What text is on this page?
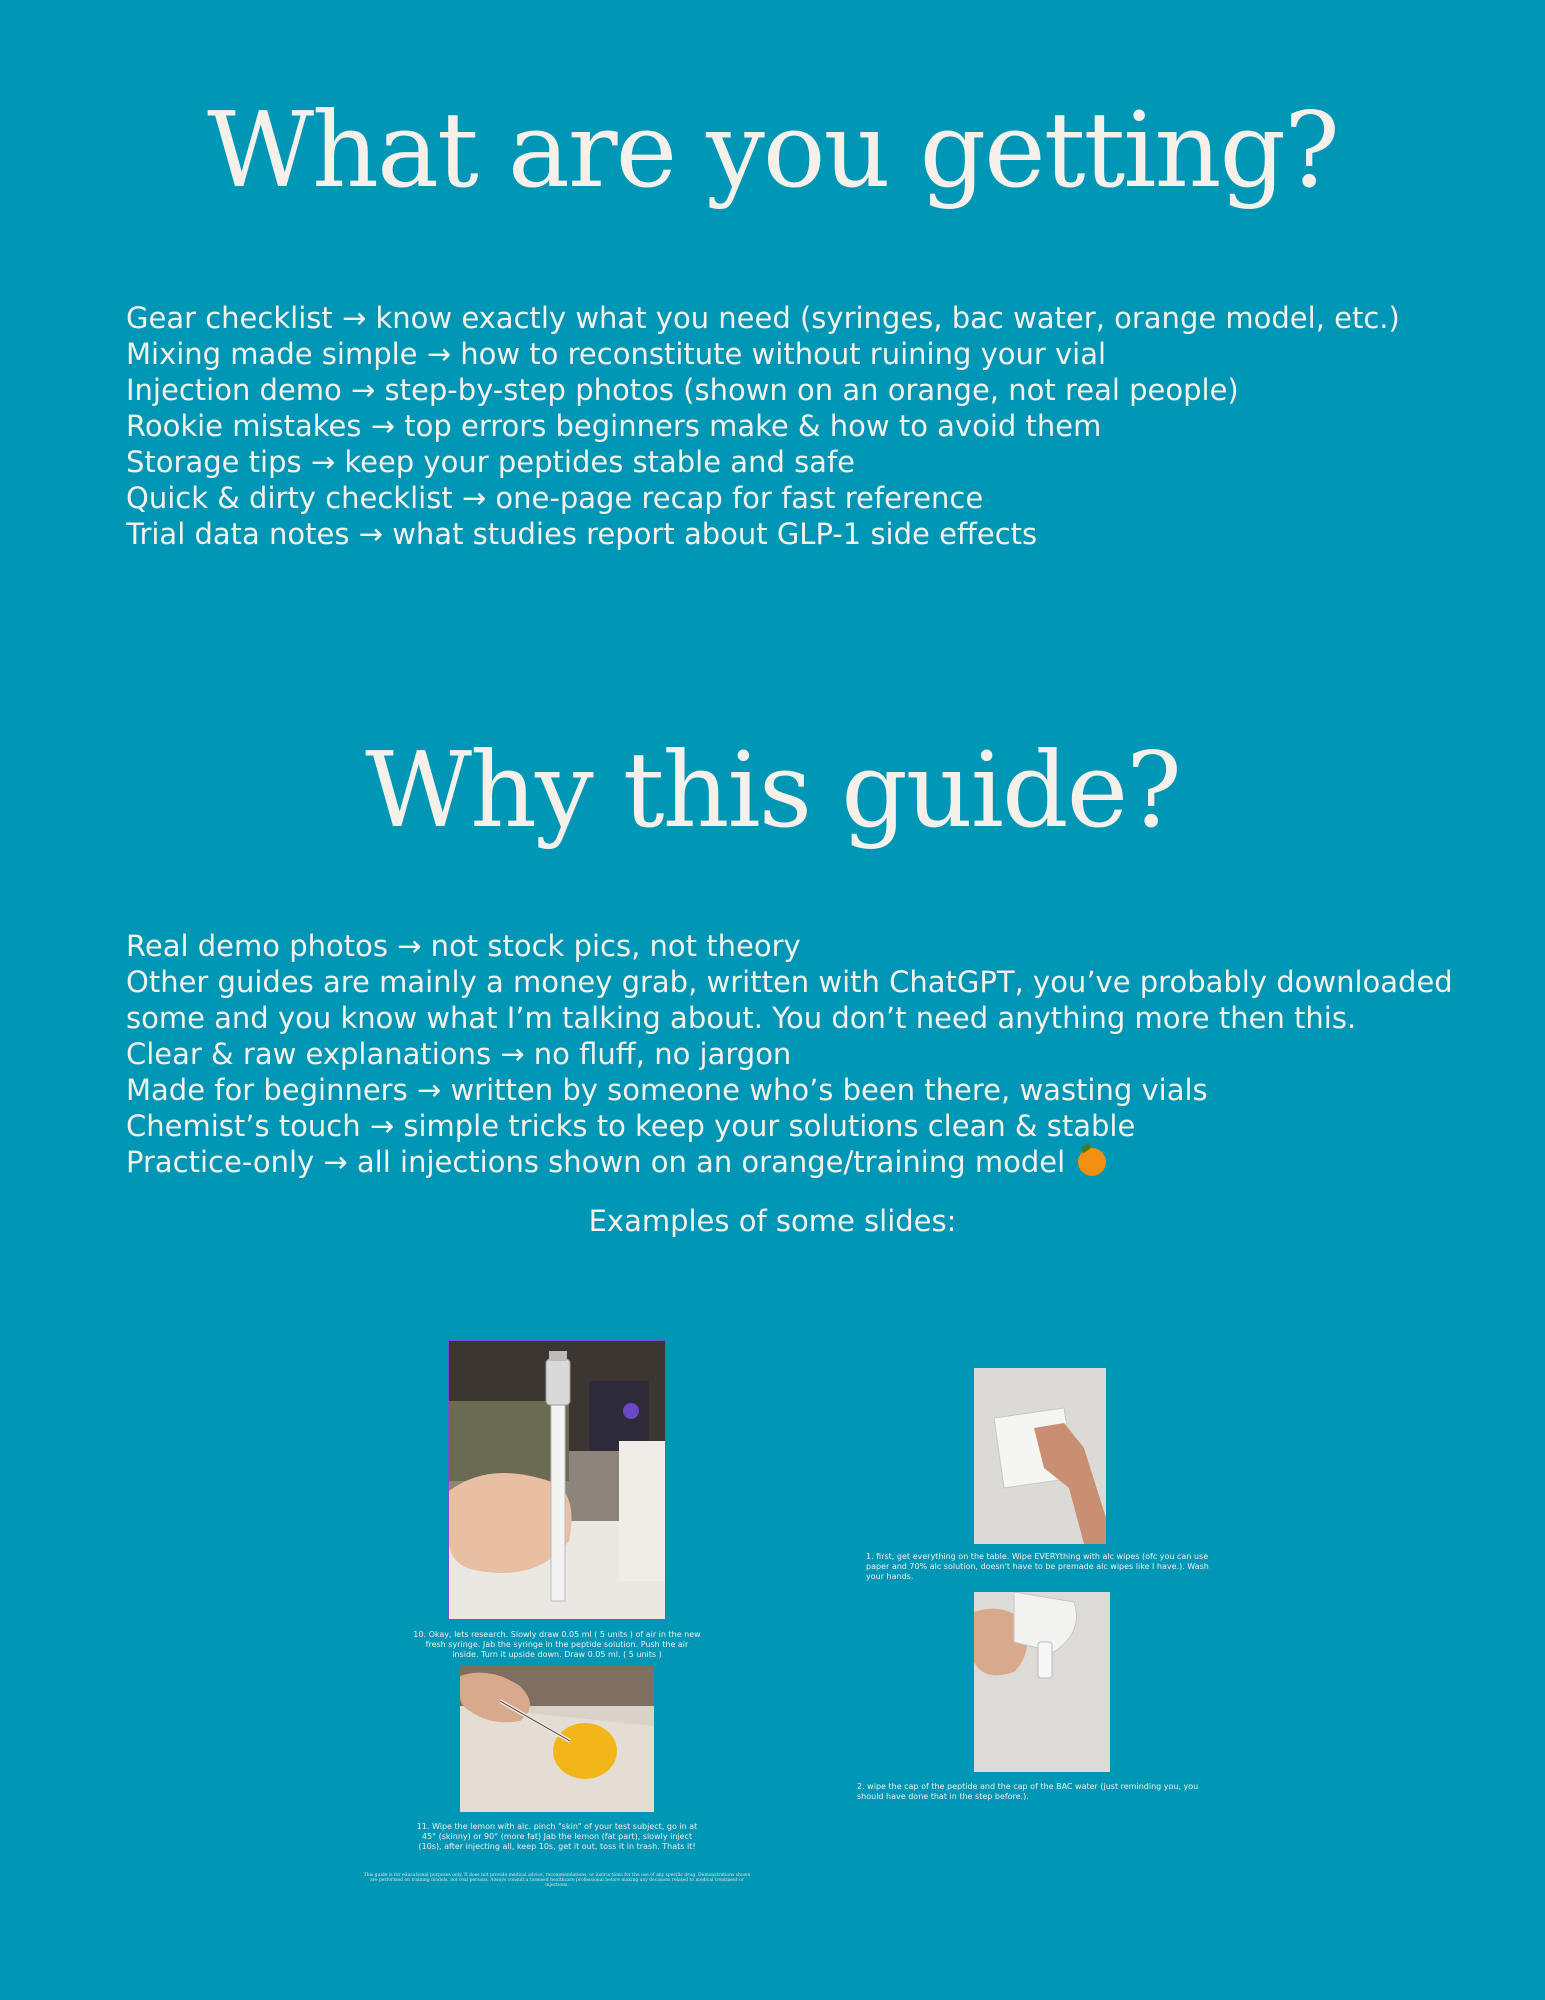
What are you getting?
Gear checklist → know exactly what you need (syringes, bac water, orange model, etc.)
Mixing made simple → how to reconstitute without ruining your vial
Injection demo → step-by-step photos (shown on an orange, not real people)
Rookie mistakes → top errors beginners make & how to avoid them
Storage tips → keep your peptides stable and safe
Quick & dirty checklist → one-page recap for fast reference
Trial data notes → what studies report about GLP-1 side effects
Why this guide?
Real demo photos → not stock pics, not theory
Other guides are mainly a money grab, written with ChatGPT, you’ve probably downloaded some and you know what I’m talking about. You don’t need anything more then this.
Clear & raw explanations → no fluff, no jargon
Made for beginners → written by someone who’s been there, wasting vials
Chemist’s touch → simple tricks to keep your solutions clean & stable
Practice-only → all injections shown on an orange/training model
Examples of some slides:
10. Okay, lets research. Slowly draw 0.05 ml ( 5 units ) of air in the new fresh syringe. Jab the syringe in the peptide solution. Push the air inside. Turn it upside down. Draw 0.05 ml. ( 5 units )
11. Wipe the lemon with alc. pinch "skin" of your test subject, go in at 45° (skinny) or 90° (more fat) Jab the lemon (fat part), slowly inject (10s), after injecting all, keep 10s, get it out, toss it in trash. Thats it!
This guide is for educational purposes only. It does not provide medical advice, recommendations, or instructions for the use of any specific drug. Demonstrations shown are performed on training models, not real persons. Always consult a licensed healthcare professional before making any decisions related to medical treatment or injections.
1. first, get everything on the table. Wipe EVERYthing with alc wipes (ofc you can use paper and 70% alc solution, doesn't have to be premade alc wipes like I have.). Wash your hands.
2. wipe the cap of the peptide and the cap of the BAC water (just reminding you, you should have done that in the step before.).
